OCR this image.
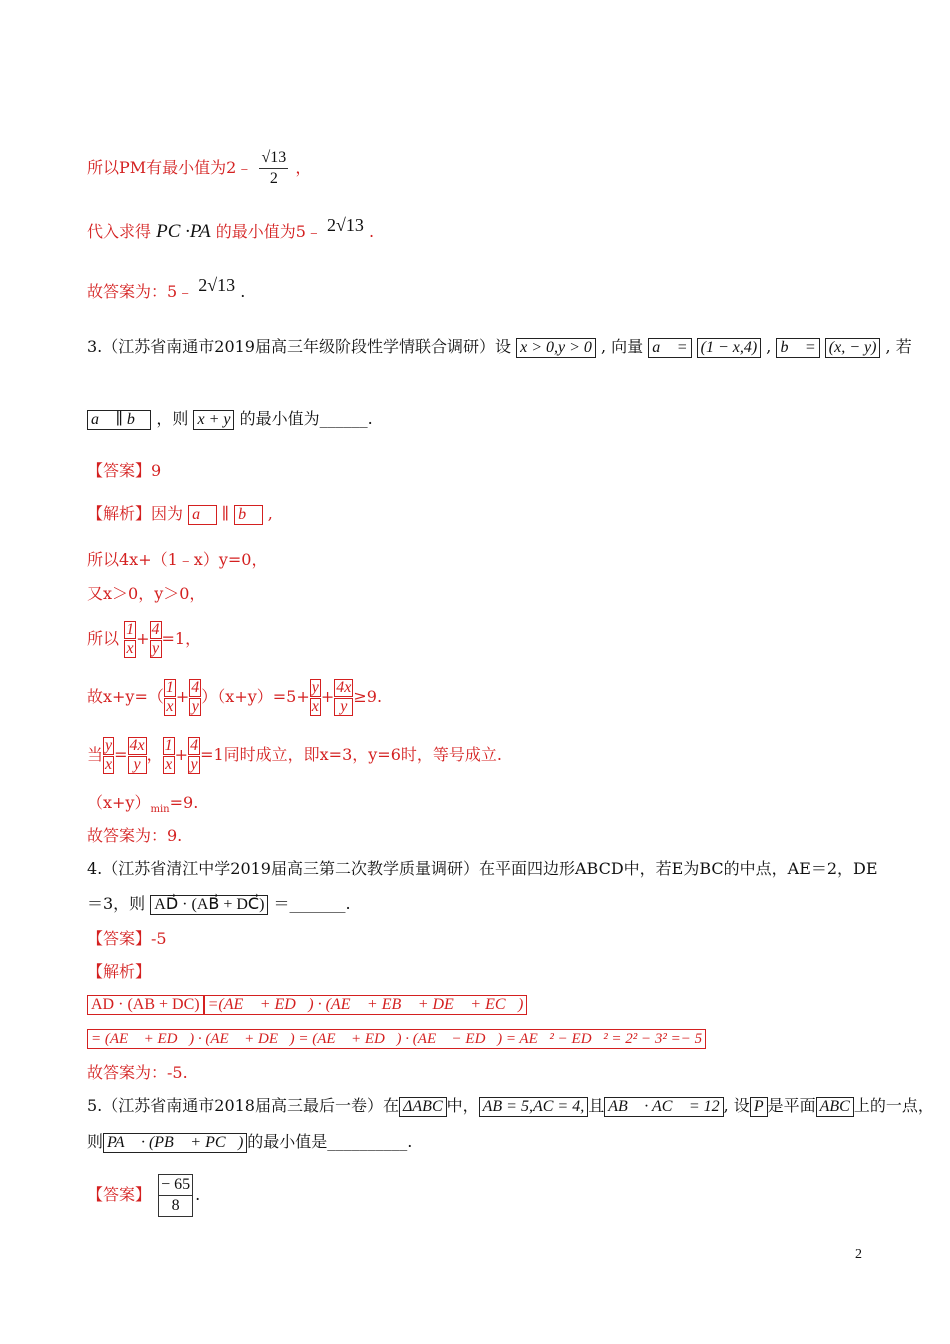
所以PM有最小值为2﹣ $\frac{√13}{2}$ ，
代入求得 PC ·PA 的最小值为5﹣ 2√13 .
故答案为：5﹣ 2√13 .
3.（江苏省南通市2019届高三年级阶段性学情联合调研）设 x > 0,y > 0 , 向量 a⃗ = (1 − x,4) , b⃗ = (x, − y) , 若
a⃗ ∥ b⃗ ，则 x + y 的最小值为______.
【答案】9
【解析】因为 a⃗ ∥ b⃗ ,
所以4x+（1﹣x）y=0，
又x＞0，y＞0，
所以 $\frac{1}{x} + \frac{4}{y} =1$，
故$x+y=( \frac{1}{x} + \frac{4}{y} )(x+y)=5+ \frac{y}{x} + \frac{4x}{y} \ge 9$.
当 $\frac{y}{x} = \frac{4x}{y}$ ， $\frac{1}{x} + \frac{4}{y} =1$同时成立，即x=3，y=6时，等号成立.
$(x+y)_{min}=9$.
故答案为：9.
4.（江苏省清江中学2019届高三第二次教学质量调研）在平面四边形ABCD中，若E为BC的中点，AE＝2，DE
＝3，则 AD⃗ · (AB⃗ + DC⃗) ＝_______.
【答案】-5
【解析】
AD · (AB + DC) =(AE⃗ + ED⃗) · (AE⃗ + EB⃗ + DE⃗ + EC⃗)
= (AE⃗ + ED⃗) · (AE⃗ + DE⃗) = (AE⃗ + ED⃗) · (AE⃗ − ED⃗) = AE⃗² − ED⃗² = 2² − 3² =− 5
故答案为：-5.
5.（江苏省南通市2018届高三最后一卷）在 ΔABC 中， AB = 5,AC = 4, 且 AB⃗ · AC⃗ = 12 , 设 P 是平面 ABC 上的一点，
则 PA⃗ · (PB⃗ + PC⃗) 的最小值是__________.
【答案】 $\frac{- 65}{8}$ .
2
